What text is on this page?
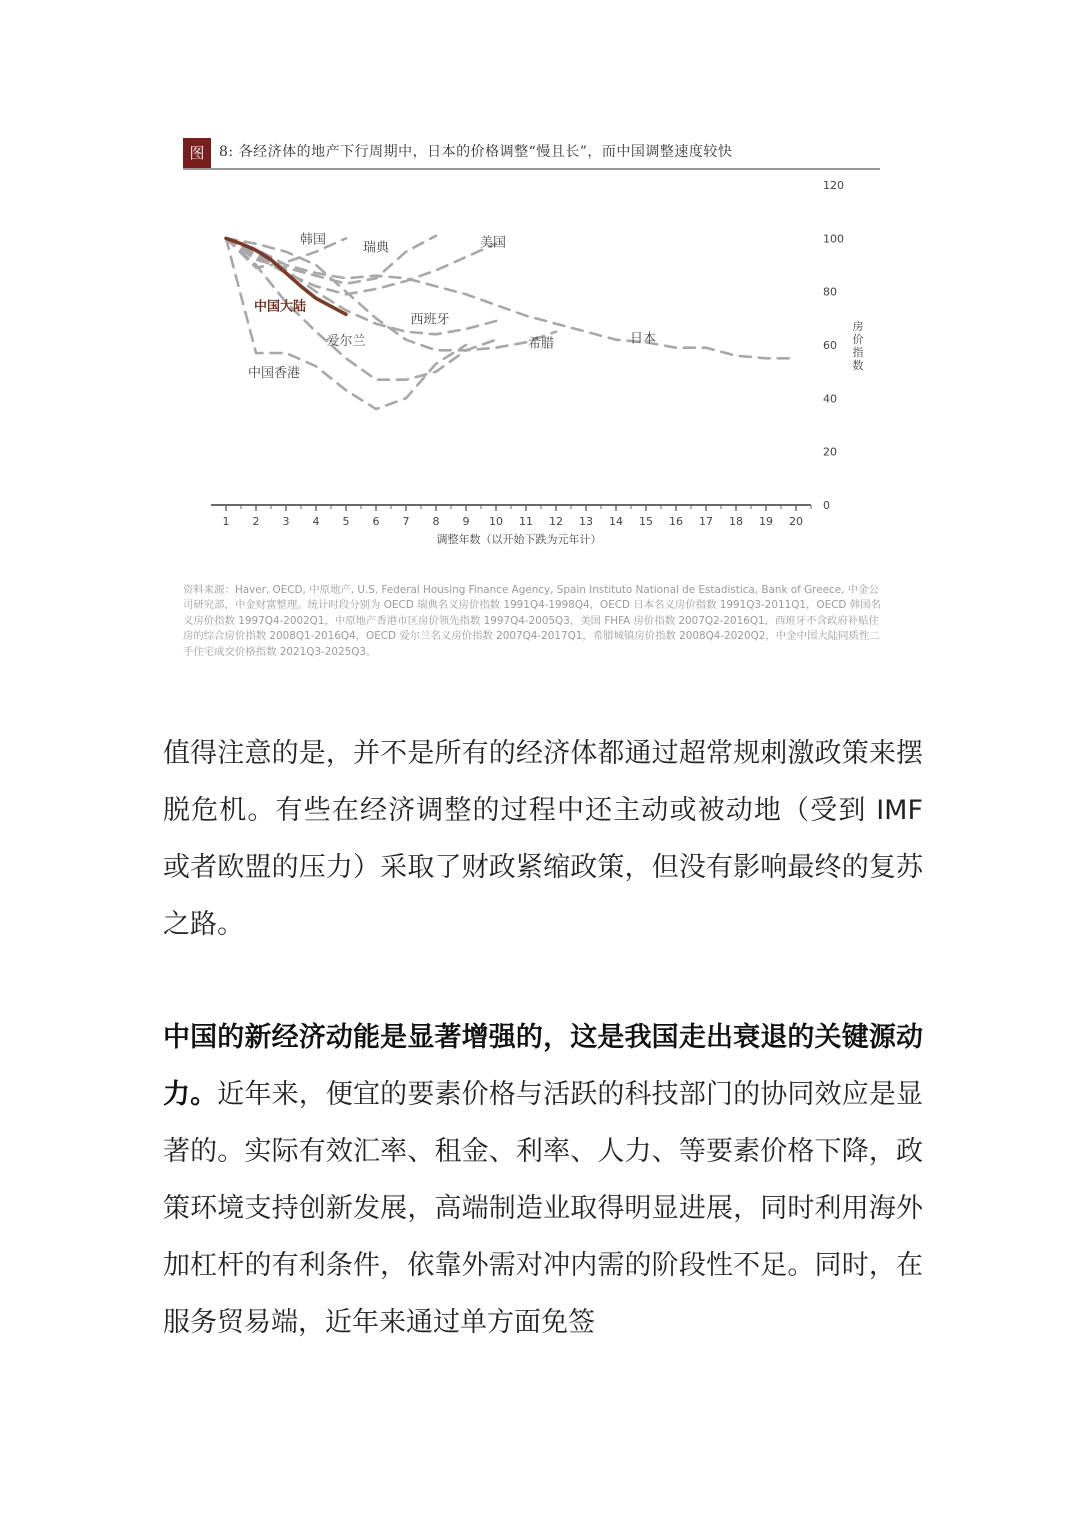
图	8: 各经济体的地产下行周期中，日本的价格调整“慢且长”，而中国调整速度较快
1 2 3 4 5 6 7 8 9 10 11 12 13 14 15 16 17 18 19 20
0
20
40
60
80
100
120
调整年数（以开始下跌为元年计）
房价指数
韩国
瑞典	美国
中国大陆
西班牙
日本
爱尔兰	希腊
中国香港
资料来源：Haver, OECD, 中原地产, U.S. Federal Housing Finance Agency, Spain Instituto National de Estadistica, Bank of Greece, 中金公司研究部，中金财富整理。统计时段分别为 OECD 瑞典名义房价指数 1991Q4-1998Q4，OECD 日本名义房价指数 1991Q3-2011Q1，OECD 韩国名义房价指数 1997Q4-2002Q1，中原地产香港市区房价领先指数 1997Q4-2005Q3，美国 FHFA 房价指数 2007Q2-2016Q1，西班牙不含政府补贴住房的综合房价指数 2008Q1-2016Q4，OECD 爱尔兰名义房价指数 2007Q4-2017Q1，希腊城镇房价指数 2008Q4-2020Q2，中金中国大陆同质性二手住宅成交价格指数 2021Q3-2025Q3。
值得注意的是，并不是所有的经济体都通过超常规刺激政策来摆脱危机。有些在经济调整的过程中还主动或被动地（受到 IMF 或者欧盟的压力）采取了财政紧缩政策，但没有影响最终的复苏之路。
中国的新经济动能是显著增强的，这是我国走出衰退的关键源动力。近年来，便宜的要素价格与活跃的科技部门的协同效应是显著的。实际有效汇率、租金、利率、人力、等要素价格下降，政策环境支持创新发展，高端制造业取得明显进展，同时利用海外加杠杆的有利条件，依靠外需对冲内需的阶段性不足。同时，在服务贸易端，近年来通过单方面免签
